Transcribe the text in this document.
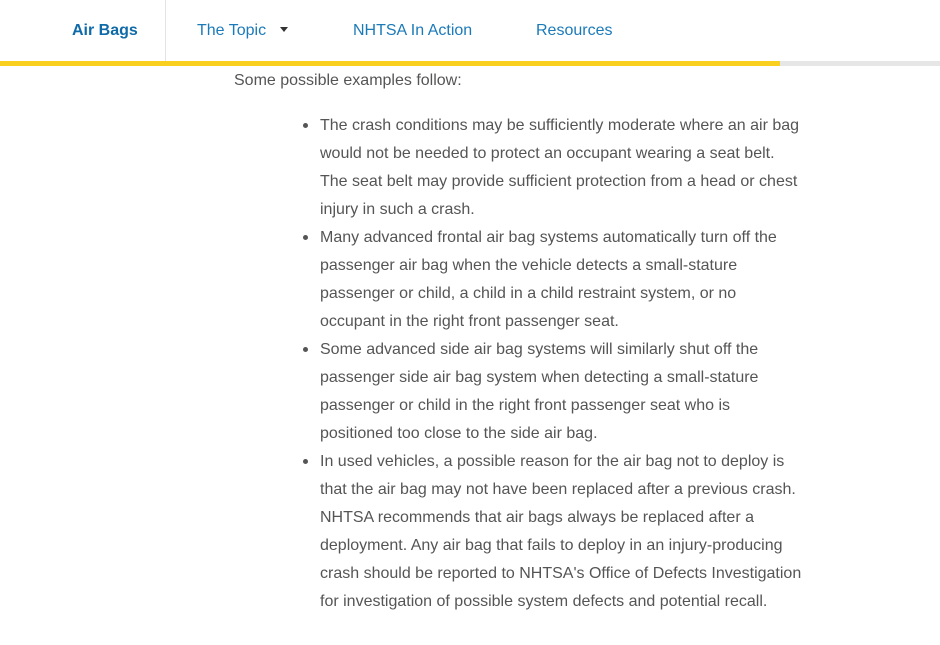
Air Bags	The Topic	NHTSA In Action	Resources

Some possible examples follow:

The crash conditions may be sufficiently moderate where an air bag would not be needed to protect an occupant wearing a seat belt. The seat belt may provide sufficient protection from a head or chest injury in such a crash.
Many advanced frontal air bag systems automatically turn off the passenger air bag when the vehicle detects a small-stature passenger or child, a child in a child restraint system, or no occupant in the right front passenger seat.
Some advanced side air bag systems will similarly shut off the passenger side air bag system when detecting a small-stature passenger or child in the right front passenger seat who is positioned too close to the side air bag.
In used vehicles, a possible reason for the air bag not to deploy is that the air bag may not have been replaced after a previous crash. NHTSA recommends that air bags always be replaced after a deployment. Any air bag that fails to deploy in an injury-producing crash should be reported to NHTSA's Office of Defects Investigation for investigation of possible system defects and potential recall.
